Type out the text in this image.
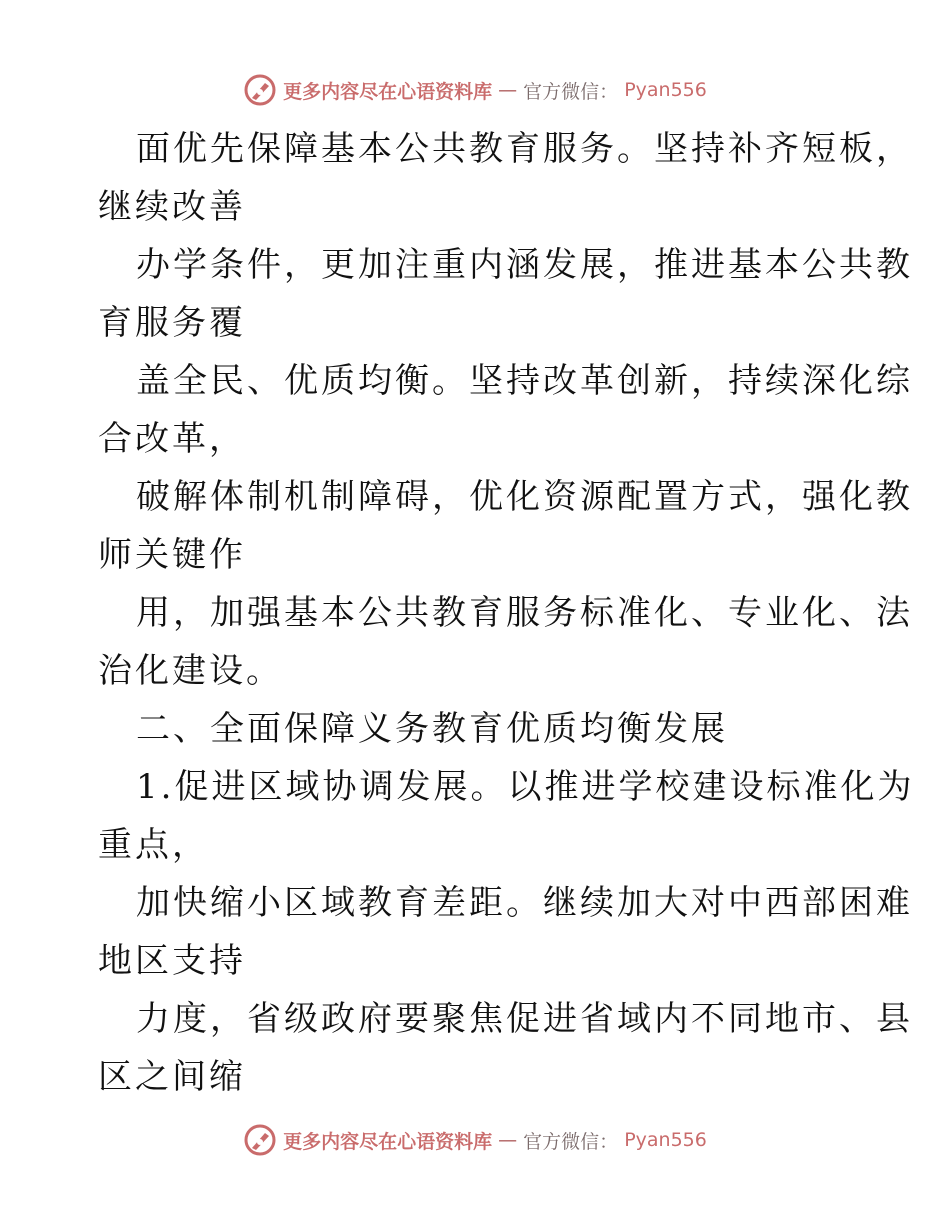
更多内容尽在心语资料库 — 官方微信： Pyan556
面优先保障基本公共教育服务。坚持补齐短板，
继续改善
办学条件，更加注重内涵发展，推进基本公共教
育服务覆
盖全民、优质均衡。坚持改革创新，持续深化综
合改革，
破解体制机制障碍，优化资源配置方式，强化教
师关键作
用，加强基本公共教育服务标准化、专业化、法
治化建设。
二、全面保障义务教育优质均衡发展
1.促进区域协调发展。以推进学校建设标准化为
重点，
加快缩小区域教育差距。继续加大对中西部困难
地区支持
力度，省级政府要聚焦促进省域内不同地市、县
区之间缩
更多内容尽在心语资料库 — 官方微信： Pyan556
